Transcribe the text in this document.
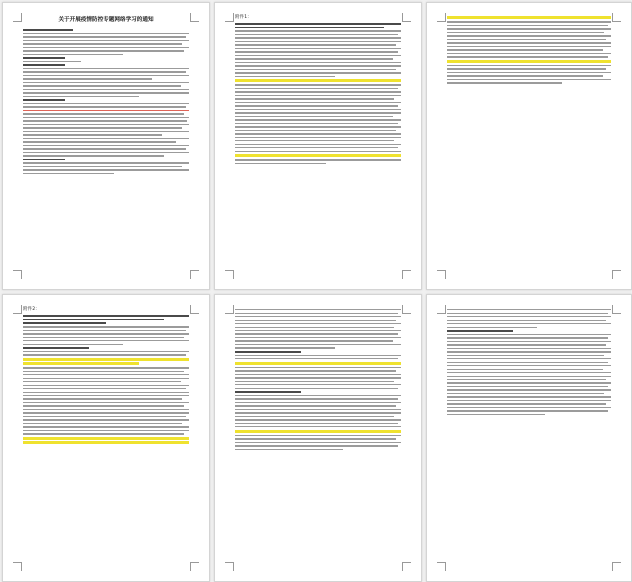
关于开展疫情防控专题网络学习的通知	附件1：
附件2：
